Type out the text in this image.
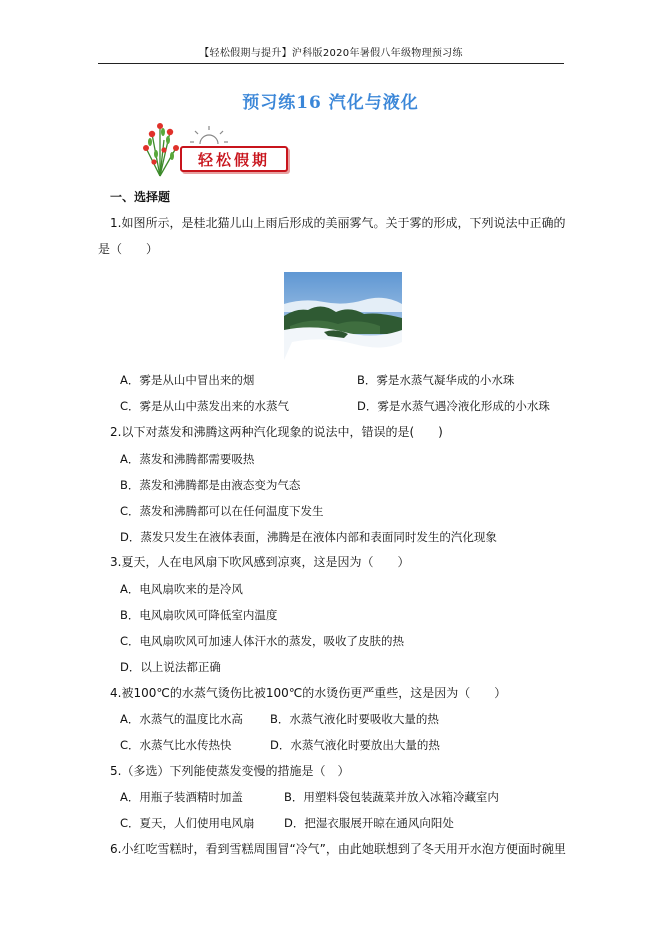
【轻松假期与提升】沪科版2020年暑假八年级物理预习练
预习练16 汽化与液化
轻松假期
一、选择题
1.如图所示，是桂北猫儿山上雨后形成的美丽雾气。关于雾的形成，下列说法中正确的
是（　　）
A．雾是从山中冒出来的烟	B．雾是水蒸气凝华成的小水珠
C．雾是从山中蒸发出来的水蒸气	D．雾是水蒸气遇冷液化形成的小水珠
2.以下对蒸发和沸腾这两种汽化现象的说法中，错误的是(　　)
A．蒸发和沸腾都需要吸热
B．蒸发和沸腾都是由液态变为气态
C．蒸发和沸腾都可以在任何温度下发生
D．蒸发只发生在液体表面，沸腾是在液体内部和表面同时发生的汽化现象
3.夏天，人在电风扇下吹风感到凉爽，这是因为（　　）
A．电风扇吹来的是冷风
B．电风扇吹风可降低室内温度
C．电风扇吹风可加速人体汗水的蒸发，吸收了皮肤的热
D．以上说法都正确
4.被100℃的水蒸气烫伤比被100℃的水烫伤更严重些，这是因为（　　）
A．水蒸气的温度比水高 B．水蒸气液化时要吸收大量的热
C．水蒸气比水传热快	D．水蒸气液化时要放出大量的热
5.（多选）下列能使蒸发变慢的措施是（　）
A．用瓶子装酒精时加盖	B．用塑料袋包装蔬菜并放入冰箱冷藏室内
C．夏天，人们使用电风扇	D．把湿衣服展开晾在通风向阳处
6.小红吃雪糕时，看到雪糕周围冒“冷气”，由此她联想到了冬天用开水泡方便面时碗里
